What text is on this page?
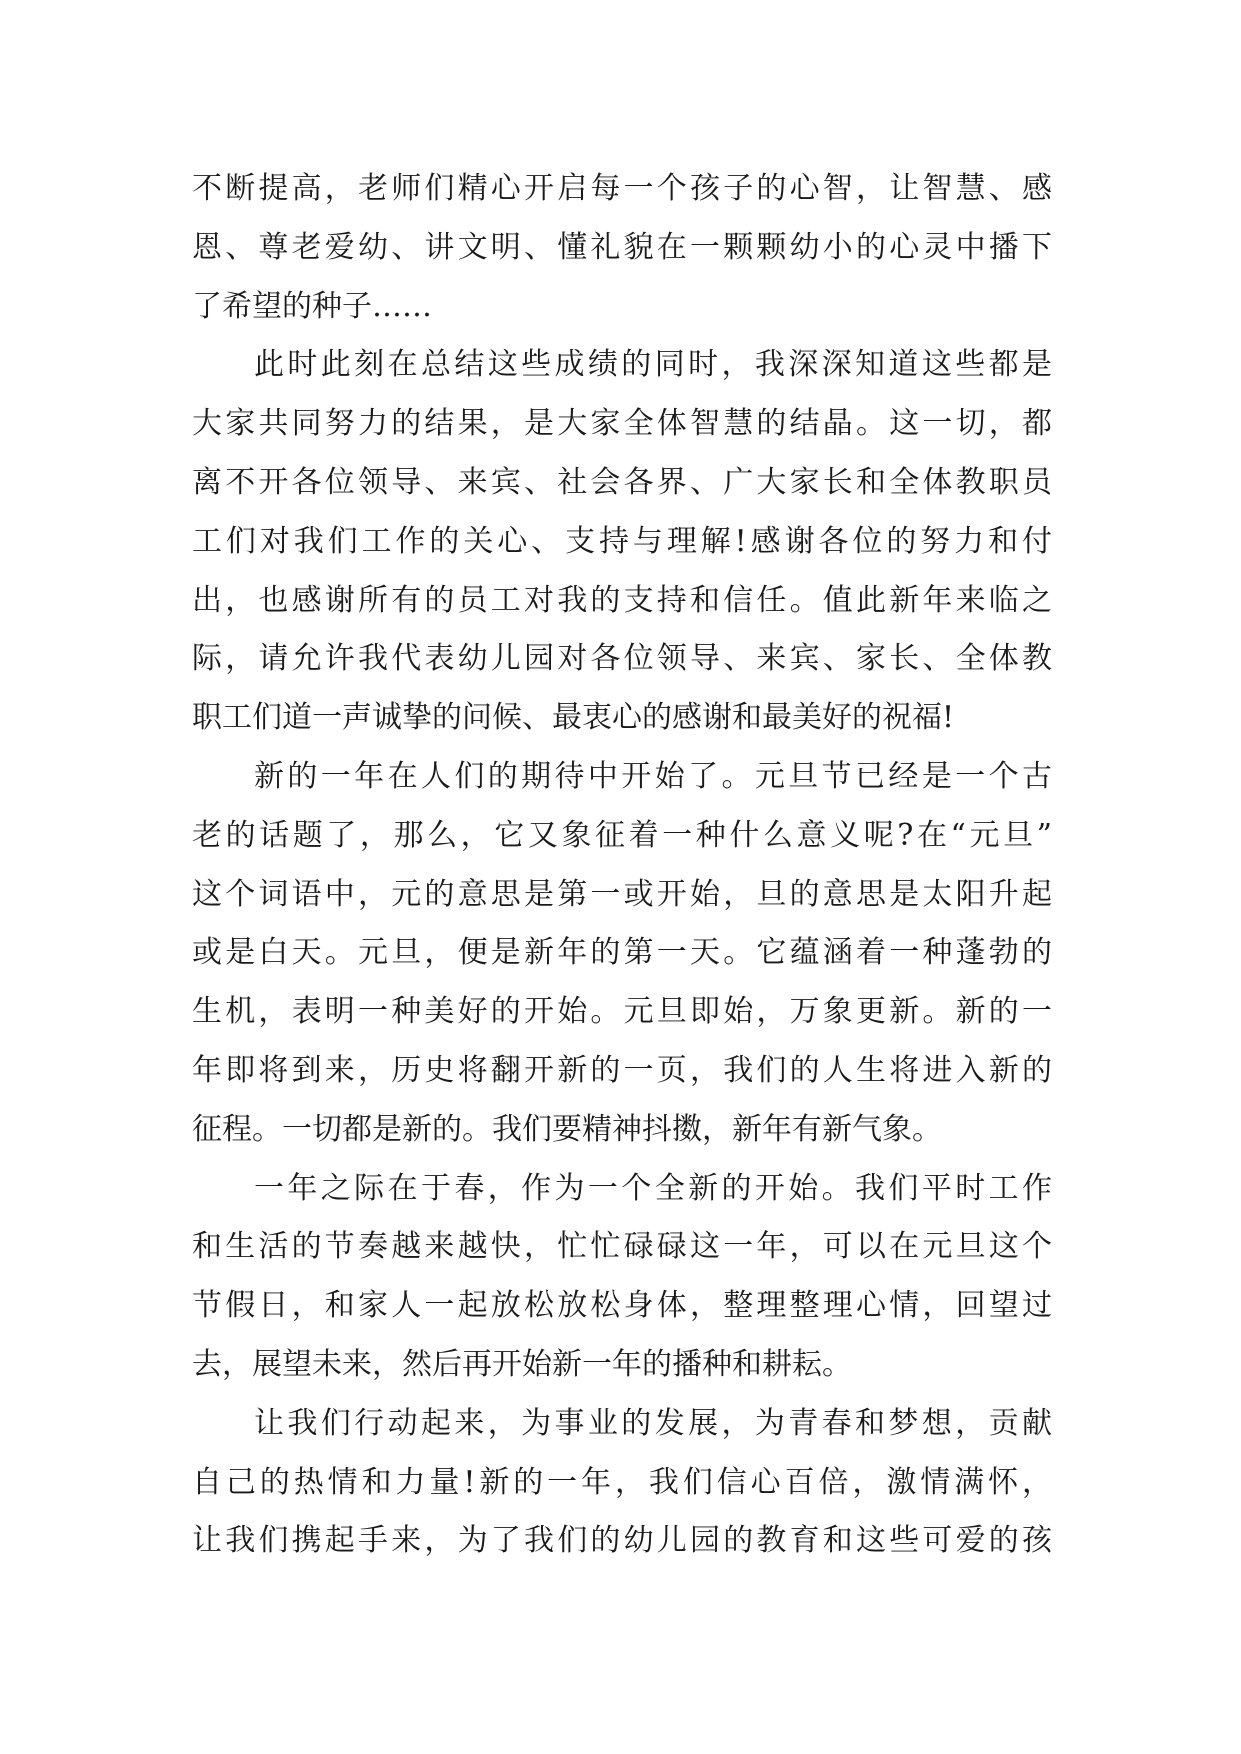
不断提高，老师们精心开启每一个孩子的心智，让智慧、感
恩、尊老爱幼、讲文明、懂礼貌在一颗颗幼小的心灵中播下
了希望的种子……
此时此刻在总结这些成绩的同时，我深深知道这些都是
大家共同努力的结果，是大家全体智慧的结晶。这一切，都
离不开各位领导、来宾、社会各界、广大家长和全体教职员
工们对我们工作的关心、支持与理解!感谢各位的努力和付
出，也感谢所有的员工对我的支持和信任。值此新年来临之
际，请允许我代表幼儿园对各位领导、来宾、家长、全体教
职工们道一声诚挚的问候、最衷心的感谢和最美好的祝福!
新的一年在人们的期待中开始了。元旦节已经是一个古
老的话题了，那么，它又象征着一种什么意义呢?在“元旦”
这个词语中，元的意思是第一或开始，旦的意思是太阳升起
或是白天。元旦，便是新年的第一天。它蕴涵着一种蓬勃的
生机，表明一种美好的开始。元旦即始，万象更新。新的一
年即将到来，历史将翻开新的一页，我们的人生将进入新的
征程。一切都是新的。我们要精神抖擞，新年有新气象。
一年之际在于春，作为一个全新的开始。我们平时工作
和生活的节奏越来越快，忙忙碌碌这一年，可以在元旦这个
节假日，和家人一起放松放松身体，整理整理心情，回望过
去，展望未来，然后再开始新一年的播种和耕耘。
让我们行动起来，为事业的发展，为青春和梦想，贡献
自己的热情和力量!新的一年，我们信心百倍，激情满怀，
让我们携起手来，为了我们的幼儿园的教育和这些可爱的孩
